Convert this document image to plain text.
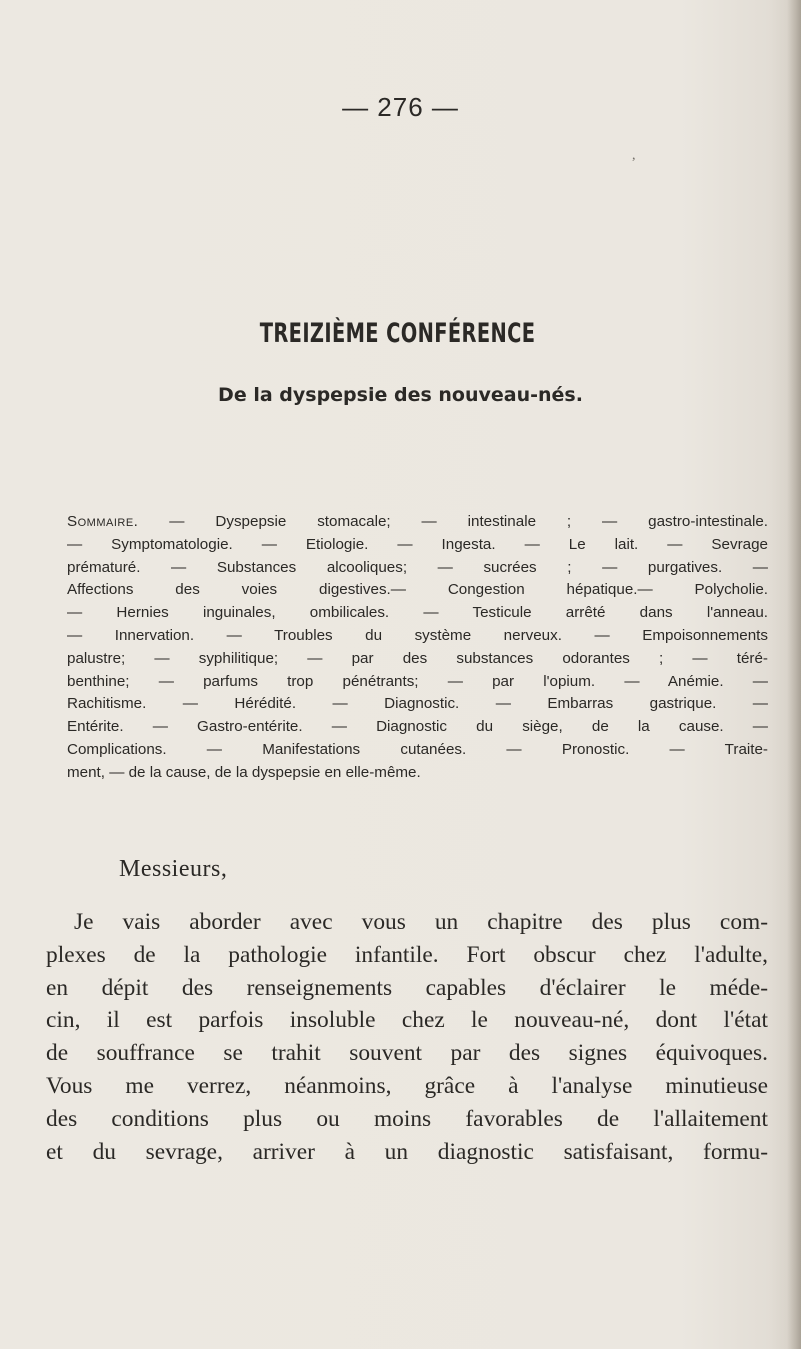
— 276 —
,
TREIZIÈME CONFÉRENCE
De la dyspepsie des nouveau-nés.
Sommaire. — Dyspepsie stomacale; — intestinale ; — gastro-intestinale.
— Symptomatologie. — Etiologie. — Ingesta. — Le lait. — Sevrage
prématuré. — Substances alcooliques; — sucrées ; — purgatives. —
Affections des voies digestives.— Congestion hépatique.— Polycholie.
— Hernies inguinales, ombilicales. — Testicule arrêté dans l'anneau.
— Innervation. — Troubles du système nerveux. — Empoisonnements
palustre; — syphilitique; — par des substances odorantes ; — téré-
benthine; — parfums trop pénétrants; — par l'opium. — Anémie. —
Rachitisme. — Hérédité. — Diagnostic. — Embarras gastrique. —
Entérite. — Gastro-entérite. — Diagnostic du siège, de la cause. —
Complications. — Manifestations cutanées. — Pronostic. — Traite-
ment, — de la cause, de la dyspepsie en elle-même.
Messieurs,
Je vais aborder avec vous un chapitre des plus com-
plexes de la pathologie infantile. Fort obscur chez l'adulte,
en dépit des renseignements capables d'éclairer le méde-
cin, il est parfois insoluble chez le nouveau-né, dont l'état
de souffrance se trahit souvent par des signes équivoques.
Vous me verrez, néanmoins, grâce à l'analyse minutieuse
des conditions plus ou moins favorables de l'allaitement
et du sevrage, arriver à un diagnostic satisfaisant, formu-
